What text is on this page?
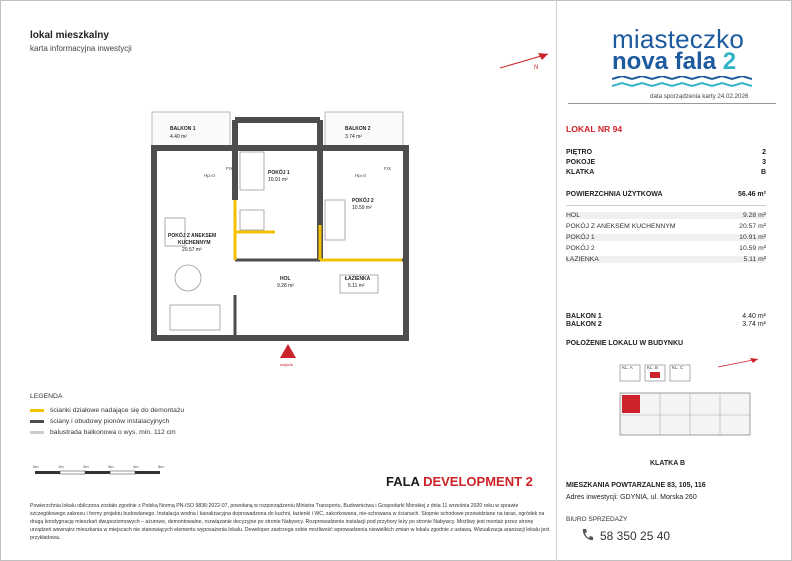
lokal mieszkalny
karta informacyjna inwestycji
N
BALKON 1
4.40 m²
BALKON 2
3.74 m²
POKÓJ 1
10.91 m²
POKÓJ 2
10.59 m²
POKÓJ Z ANEKSEM
KUCHENNYM
20.57 m²
HOL
9.28 m²
ŁAZIENKA
5.11 m²
Hp=0
FIX
Hp=0
FIX
wejście
miasteczko
nova fala 2
data sporządzenia karty 24.02.2026
LOKAL NR 94
PIĘTRO	2
POKOJE	3
KLATKA	B
POWIERZCHNIA UŻYTKOWA	56.46 m²
HOL	9.28 m²
POKÓJ Z ANEKSEM KUCHENNYM	20.57 m²
POKÓJ 1	10.91 m²
POKÓJ 2	10.59 m²
ŁAZIENKA	5.11 m²
BALKON 1	4.40 m²
BALKON 2	3.74 m²
POŁOŻENIE LOKALU W BUDYNKU
KL. A	KL. B	KL. C
KLATKA B
LEGENDA
ścianki działowe nadające się do demontażu
ściany i obudowy pionów instalacyjnych
balustrada balkonowa o wys. min. 112 cm
0m	1m	2m	3m	4m	5m
FALA DEVELOPMENT 2
Powierzchnia lokalu obliczona zostało zgodnie z Polską Normą PN-ISO 9836:2022-07, powołaną w rozporządzeniu Ministra Transportu, Budownictwa i Gospodarki Morskiej z dnia 11 września 2020 roku w sprawie szczegółowego zakresu i formy projektu budowlanego. Instalacja wodna i kanalizacyjna doprowadzona do kuchni, łazienki i WC, zakorkowana, nie-schowana w ścianach. Stopnie schodowe przewidziane na taras, ogródek na drugą kondygnację mieszkań dwupoziomowych – ażurowe, demontowalne, rozwiązanie decyzyjne po stronie Nabywcy. Rozprowadzenie instalacji pod przybory leży po stronie Nabywcy. Możliwy jest montaż przez stronę urządzeń wewnątrz mieszkania w miejscach nie stanowiących elementu wyposażenia lokalu. Deweloper zastrzega sobie możliwość wprowadzenia niewielkich zmian w lokalu zgodnie z ustawą. Wizualizacja aranżacji lokalu jest przykładowa.
MIESZKANIA POWTARZALNE 83, 105, 116
Adres inwestycji: GDYNIA, ul. Morska 260
BIURO SPRZEDAŻY
58 350 25 40
